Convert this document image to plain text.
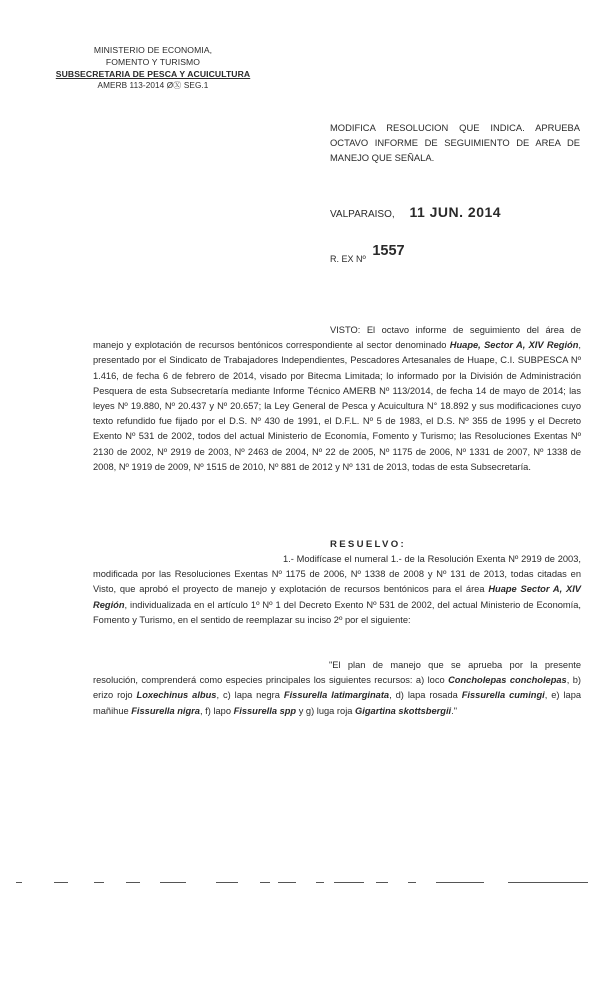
MINISTERIO DE ECONOMIA,
FOMENTO Y TURISMO
SUBSECRETARIA DE PESCA Y ACUICULTURA
AMERB 113-2014 ØⓍ SEG.1
MODIFICA RESOLUCION QUE INDICA. APRUEBA OCTAVO INFORME DE SEGUIMIENTO DE AREA DE MANEJO QUE SEÑALA.
VALPARAISO, 11 JUN. 2014
R. EX Nº 1557
VISTO: El octavo informe de seguimiento del área de manejo y explotación de recursos bentónicos correspondiente al sector denominado Huape, Sector A, XIV Región, presentado por el Sindicato de Trabajadores Independientes, Pescadores Artesanales de Huape, C.I. SUBPESCA Nº 1.416, de fecha 6 de febrero de 2014, visado por Bitecma Limitada; lo informado por la División de Administración Pesquera de esta Subsecretaría mediante Informe Técnico AMERB Nº 113/2014, de fecha 14 de mayo de 2014; las leyes Nº 19.880, Nº 20.437 y Nº 20.657; la Ley General de Pesca y Acuicultura N° 18.892 y sus modificaciones cuyo texto refundido fue fijado por el D.S. Nº 430 de 1991, el D.F.L. Nº 5 de 1983, el D.S. Nº 355 de 1995 y el Decreto Exento Nº 531 de 2002, todos del actual Ministerio de Economía, Fomento y Turismo; las Resoluciones Exentas Nº 2130 de 2002, Nº 2919 de 2003, Nº 2463 de 2004, Nº 22 de 2005, Nº 1175 de 2006, Nº 1331 de 2007, Nº 1338 de 2008, Nº 1919 de 2009, Nº 1515 de 2010, Nº 881 de 2012 y Nº 131 de 2013, todas de esta Subsecretaría.
RESUELVO:
1.- Modifícase el numeral 1.- de la Resolución Exenta Nº 2919 de 2003, modificada por las Resoluciones Exentas Nº 1175 de 2006, Nº 1338 de 2008 y Nº 131 de 2013, todas citadas en Visto, que aprobó el proyecto de manejo y explotación de recursos bentónicos para el área Huape Sector A, XIV Región, individualizada en el artículo 1º Nº 1 del Decreto Exento Nº 531 de 2002, del actual Ministerio de Economía, Fomento y Turismo, en el sentido de reemplazar su inciso 2º por el siguiente:
"El plan de manejo que se aprueba por la presente resolución, comprenderá como especies principales los siguientes recursos: a) loco Concholepas concholepas, b) erizo rojo Loxechinus albus, c) lapa negra Fissurella latimarginata, d) lapa rosada Fissurella cumingi, e) lapa mañihue Fissurella nigra, f) lapo Fissurella spp y g) luga roja Gigartina skottsbergii."
